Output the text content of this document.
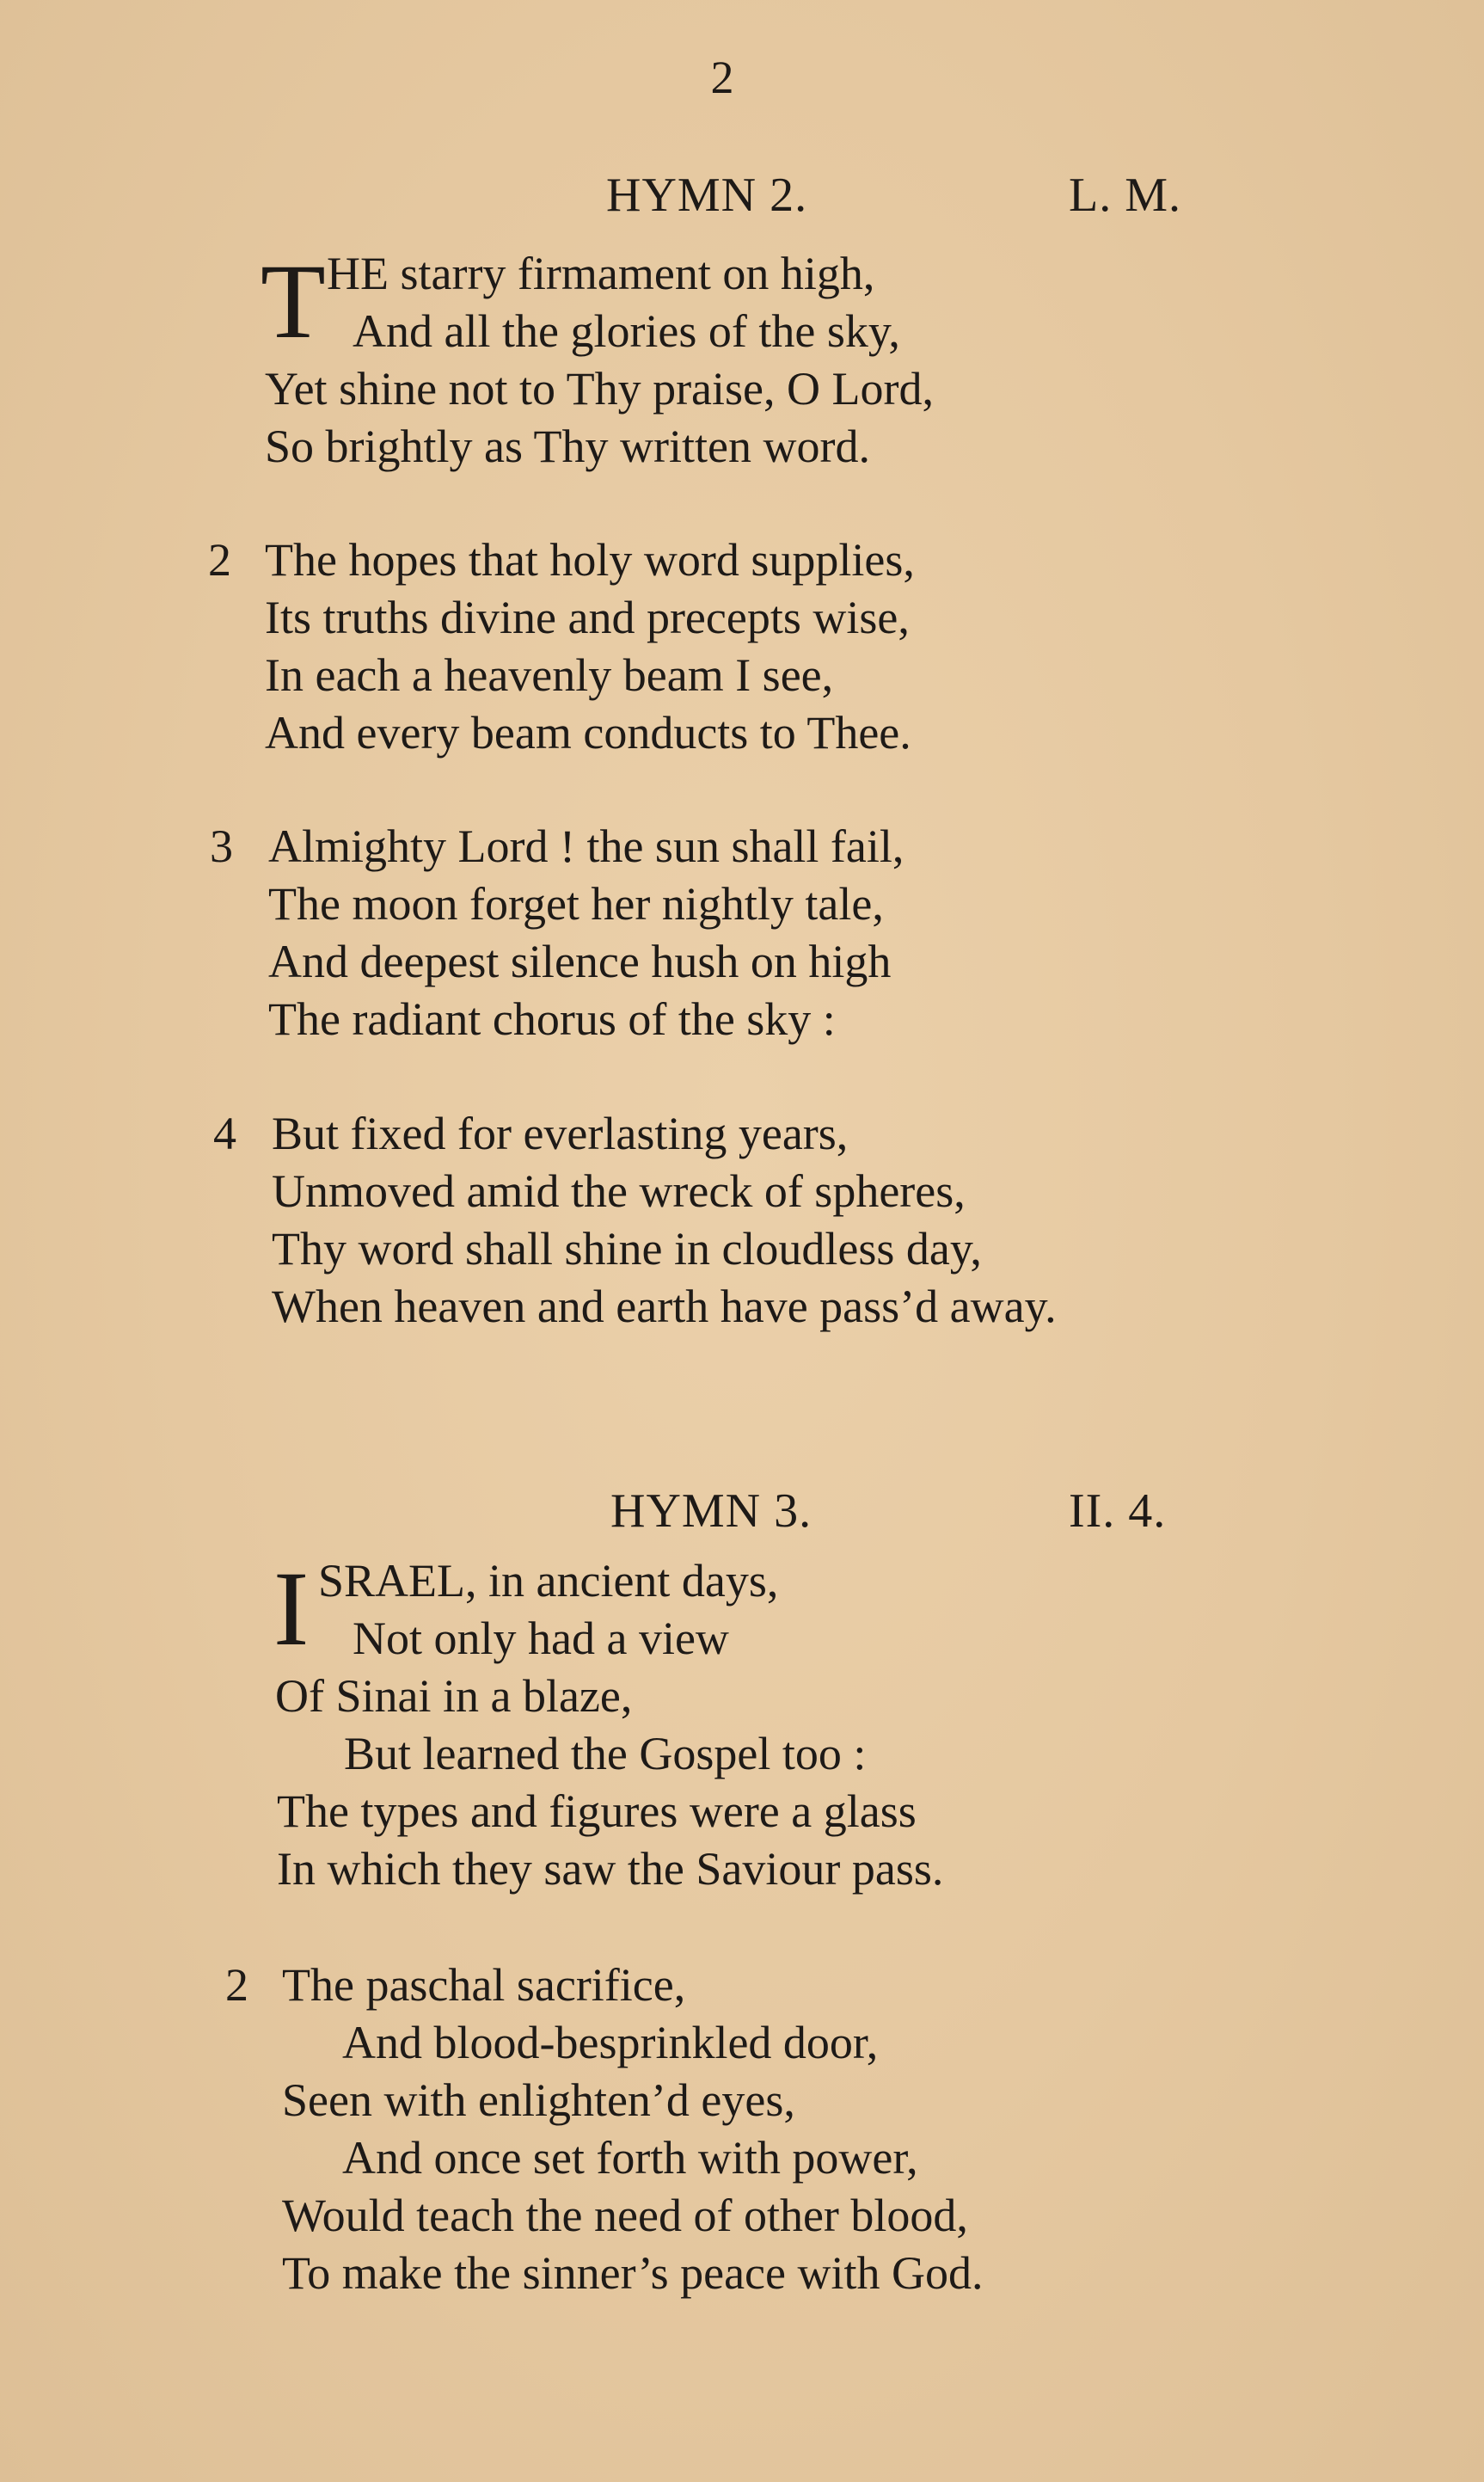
2
HYMN 2.	L. M.
T HE starry firmament on high,
And all the glories of the sky,
Yet shine not to Thy praise, O Lord,
So brightly as Thy written word.
2 The hopes that holy word supplies,
Its truths divine and precepts wise,
In each a heavenly beam I see,
And every beam conducts to Thee.
3 Almighty Lord ! the sun shall fail,
The moon forget her nightly tale,
And deepest silence hush on high
The radiant chorus of the sky :
4 But fixed for everlasting years,
Unmoved amid the wreck of spheres,
Thy word shall shine in cloudless day,
When heaven and earth have pass’d away.
HYMN 3.	II. 4.
I SRAEL, in ancient days,
Not only had a view
Of Sinai in a blaze,
But learned the Gospel too :
The types and figures were a glass
In which they saw the Saviour pass.
2 The paschal sacrifice,
And blood-besprinkled door,
Seen with enlighten’d eyes,
And once set forth with power,
Would teach the need of other blood,
To make the sinner’s peace with God.
